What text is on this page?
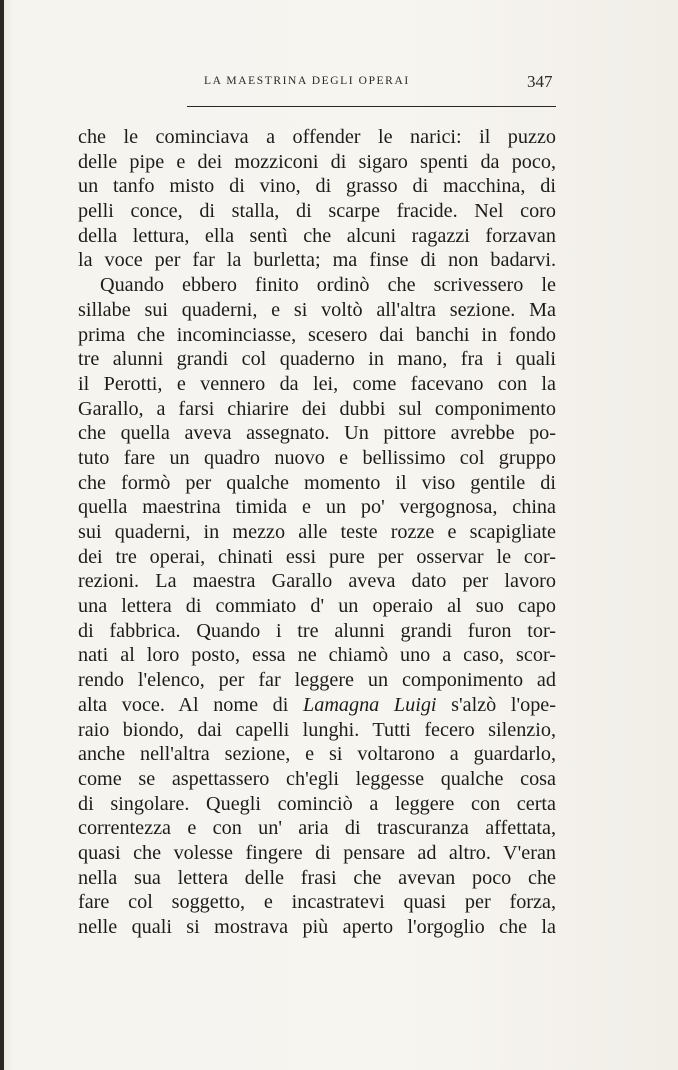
LA MAESTRINA DEGLI OPERAI	347
che le cominciava a offender le narici: il puzzo
delle pipe e dei mozziconi di sigaro spenti da poco,
un tanfo misto di vino, di grasso di macchina, di
pelli conce, di stalla, di scarpe fracide. Nel coro
della lettura, ella sentì che alcuni ragazzi forzavan
la voce per far la burletta; ma finse di non badarvi.
Quando ebbero finito ordinò che scrivessero le
sillabe sui quaderni, e si voltò all'altra sezione. Ma
prima che incominciasse, scesero dai banchi in fondo
tre alunni grandi col quaderno in mano, fra i quali
il Perotti, e vennero da lei, come facevano con la
Garallo, a farsi chiarire dei dubbi sul componimento
che quella aveva assegnato. Un pittore avrebbe po-
tuto fare un quadro nuovo e bellissimo col gruppo
che formò per qualche momento il viso gentile di
quella maestrina timida e un po' vergognosa, china
sui quaderni, in mezzo alle teste rozze e scapigliate
dei tre operai, chinati essi pure per osservar le cor-
rezioni. La maestra Garallo aveva dato per lavoro
una lettera di commiato d' un operaio al suo capo
di fabbrica. Quando i tre alunni grandi furon tor-
nati al loro posto, essa ne chiamò uno a caso, scor-
rendo l'elenco, per far leggere un componimento ad
alta voce. Al nome di Lamagna Luigi s'alzò l'ope-
raio biondo, dai capelli lunghi. Tutti fecero silenzio,
anche nell'altra sezione, e si voltarono a guardarlo,
come se aspettassero ch'egli leggesse qualche cosa
di singolare. Quegli cominciò a leggere con certa
correntezza e con un' aria di trascuranza affettata,
quasi che volesse fingere di pensare ad altro. V'eran
nella sua lettera delle frasi che avevan poco che
fare col soggetto, e incastratevi quasi per forza,
nelle quali si mostrava più aperto l'orgoglio che la
